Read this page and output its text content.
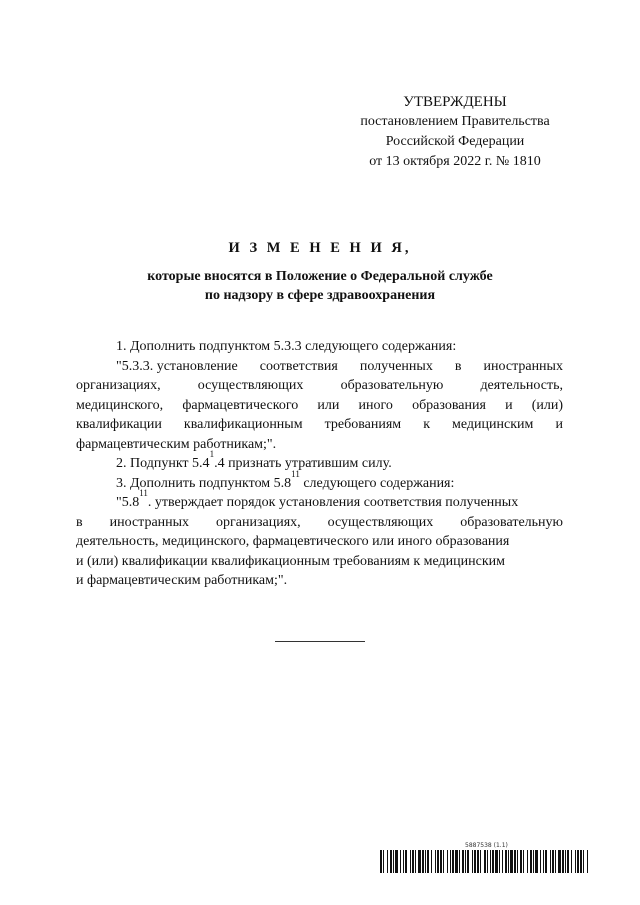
УТВЕРЖДЕНЫ
постановлением Правительства
Российской Федерации
от 13 октября 2022 г. № 1810
И З М Е Н Е Н И Я,
которые вносятся в Положение о Федеральной службе
по надзору в сфере здравоохранения
1. Дополнить подпунктом 5.3.3 следующего содержания:
"5.3.3. установление соответствия полученных в иностранных
организациях,	осуществляющих	образовательную	деятельность,
медицинского, фармацевтического или иного образования и (или)
квалификации квалификационным требованиям к медицинским и
фармацевтическим работникам;".
2. Подпункт 5.4
1
.4 признать утратившим силу.
3. Дополнить подпунктом 5.8
11
следующего содержания:
"5.8
11
. утверждает порядок установления соответствия полученных
в иностранных организациях, осуществляющих образовательную
деятельность, медицинского, фармацевтического или иного образования
и (или) квалификации квалификационным требованиям к медицинским
и фармацевтическим работникам;".
5887538 (1.1)
